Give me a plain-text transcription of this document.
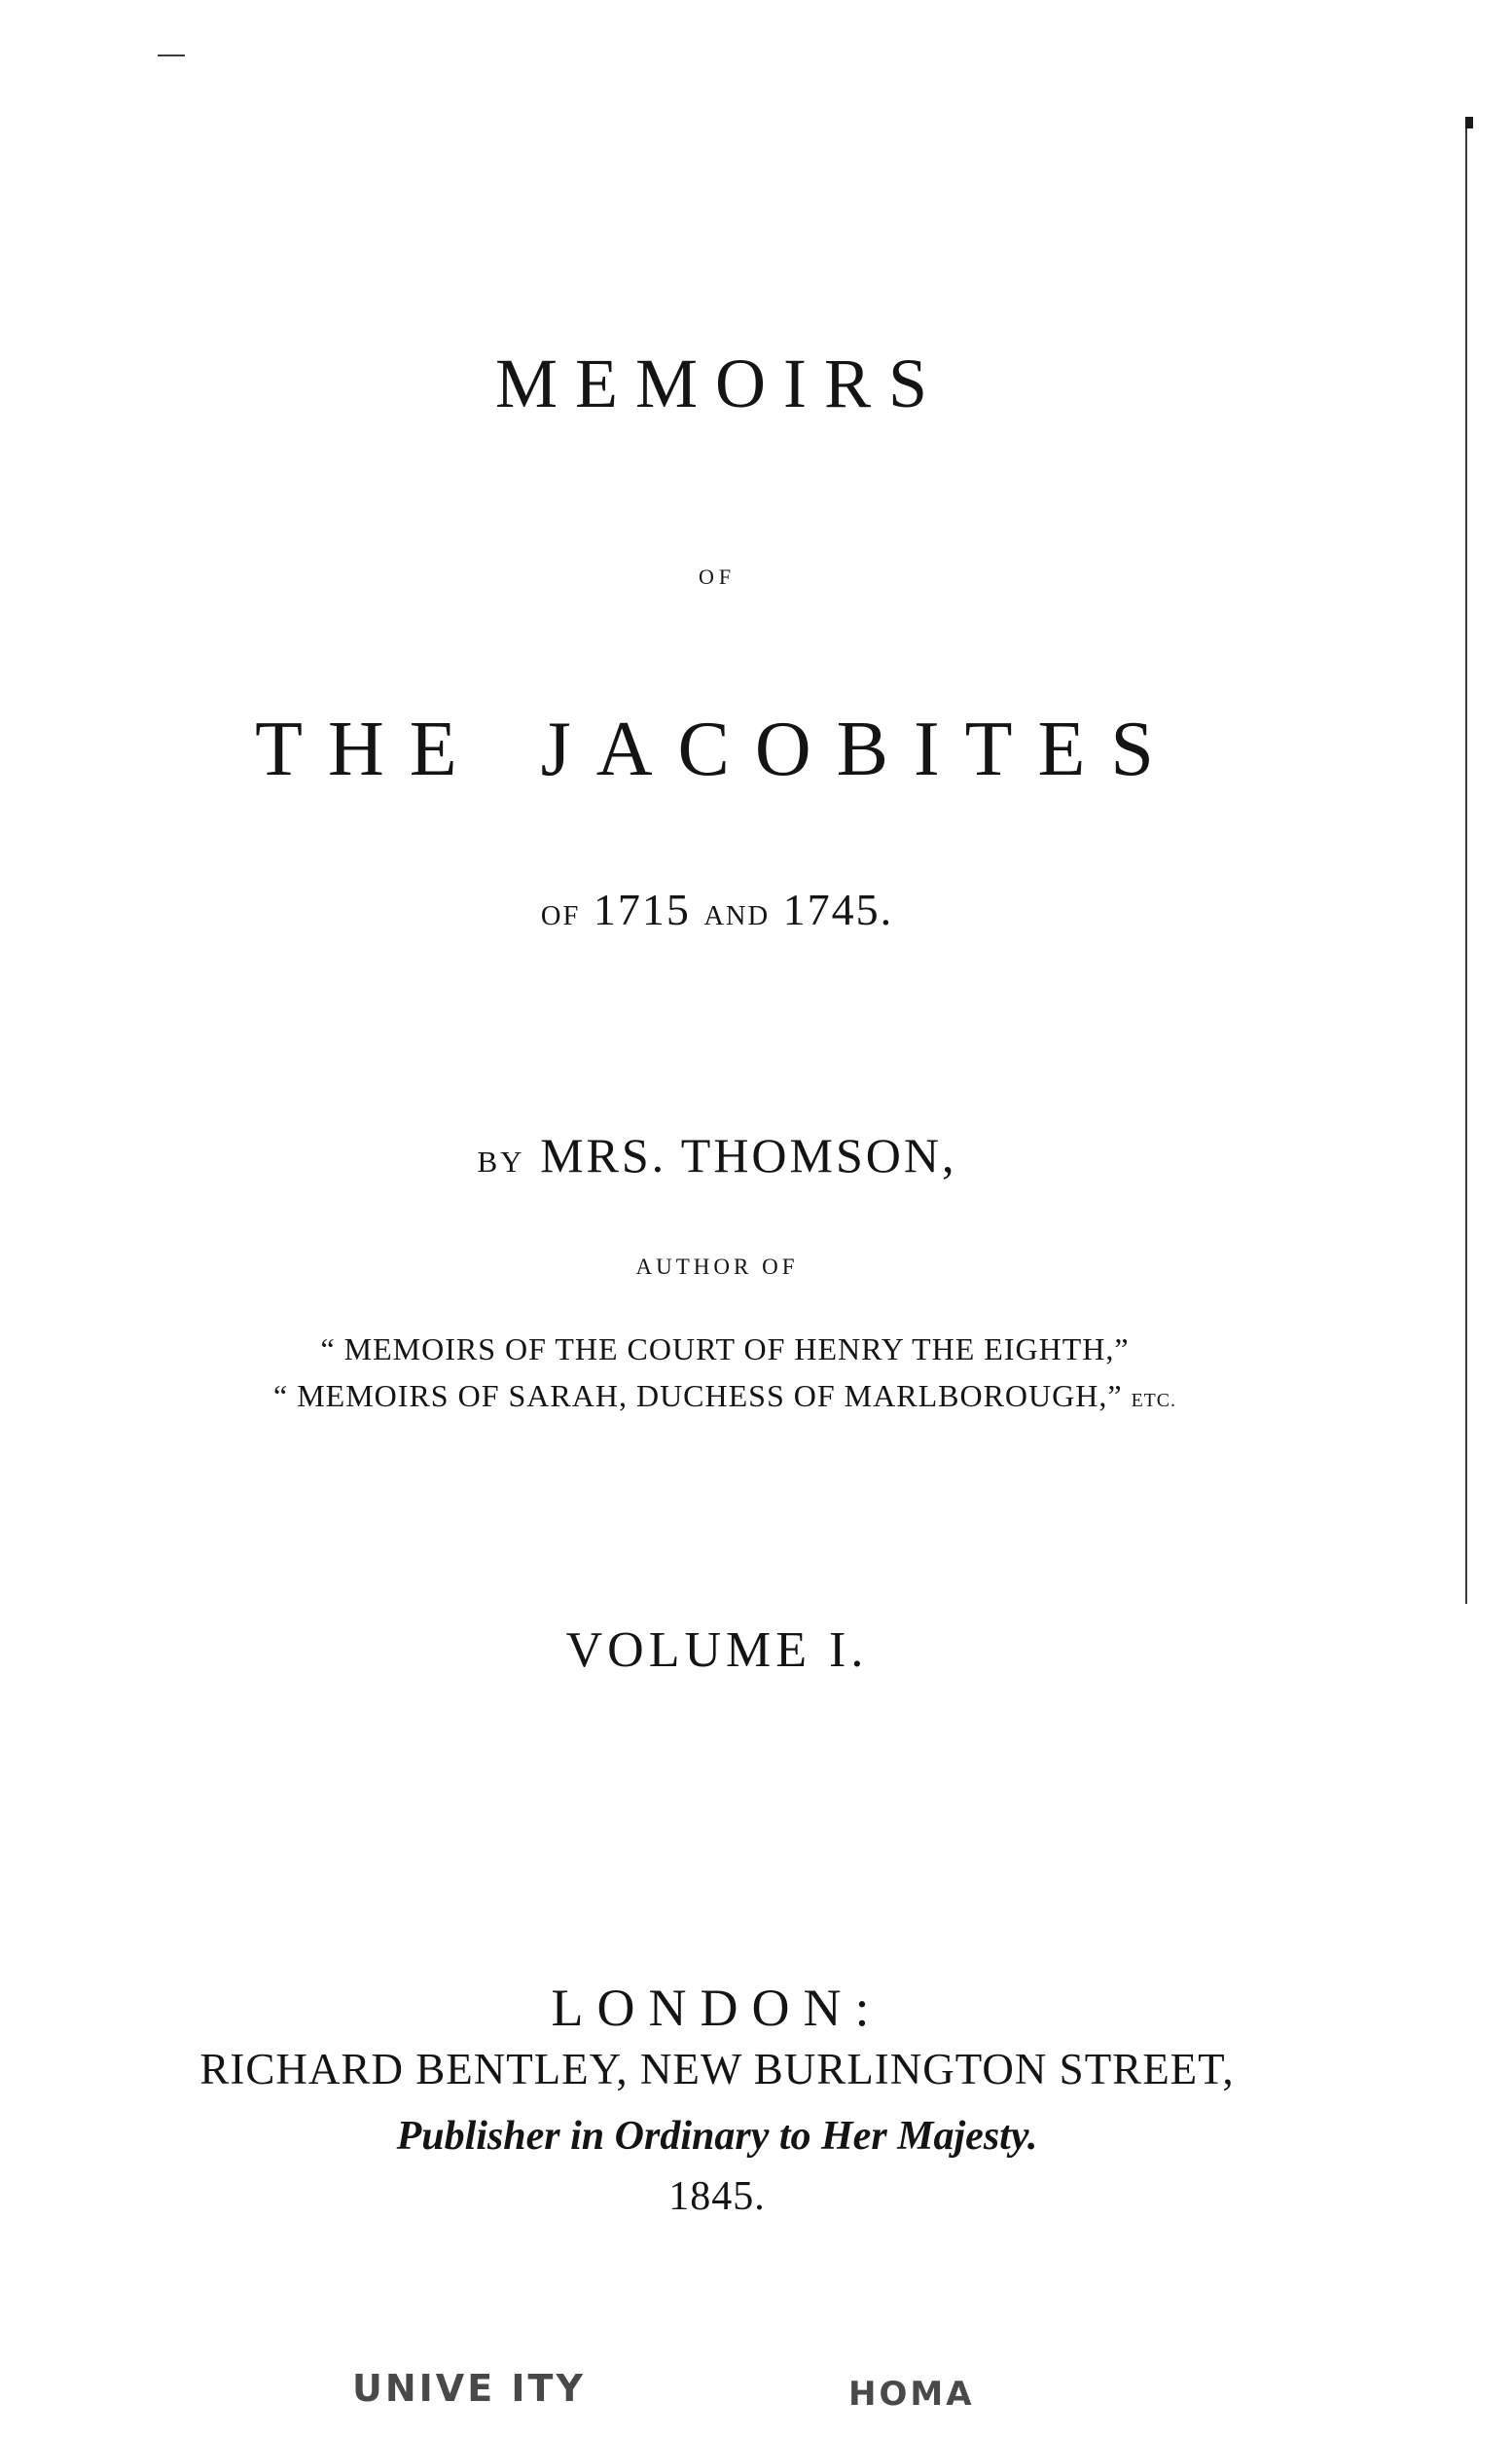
MEMOIRS
OF
THE JACOBITES
OF 1715 AND 1745.
BY MRS. THOMSON,
AUTHOR OF
“ MEMOIRS OF THE COURT OF HENRY THE EIGHTH,”
“ MEMOIRS OF SARAH, DUCHESS OF MARLBOROUGH,” ETC.
VOLUME I.
LONDON:
RICHARD BENTLEY, NEW BURLINGTON STREET,
Publisher in Ordinary to Her Majesty.
1845.
UNIVE ITY	HOMA
